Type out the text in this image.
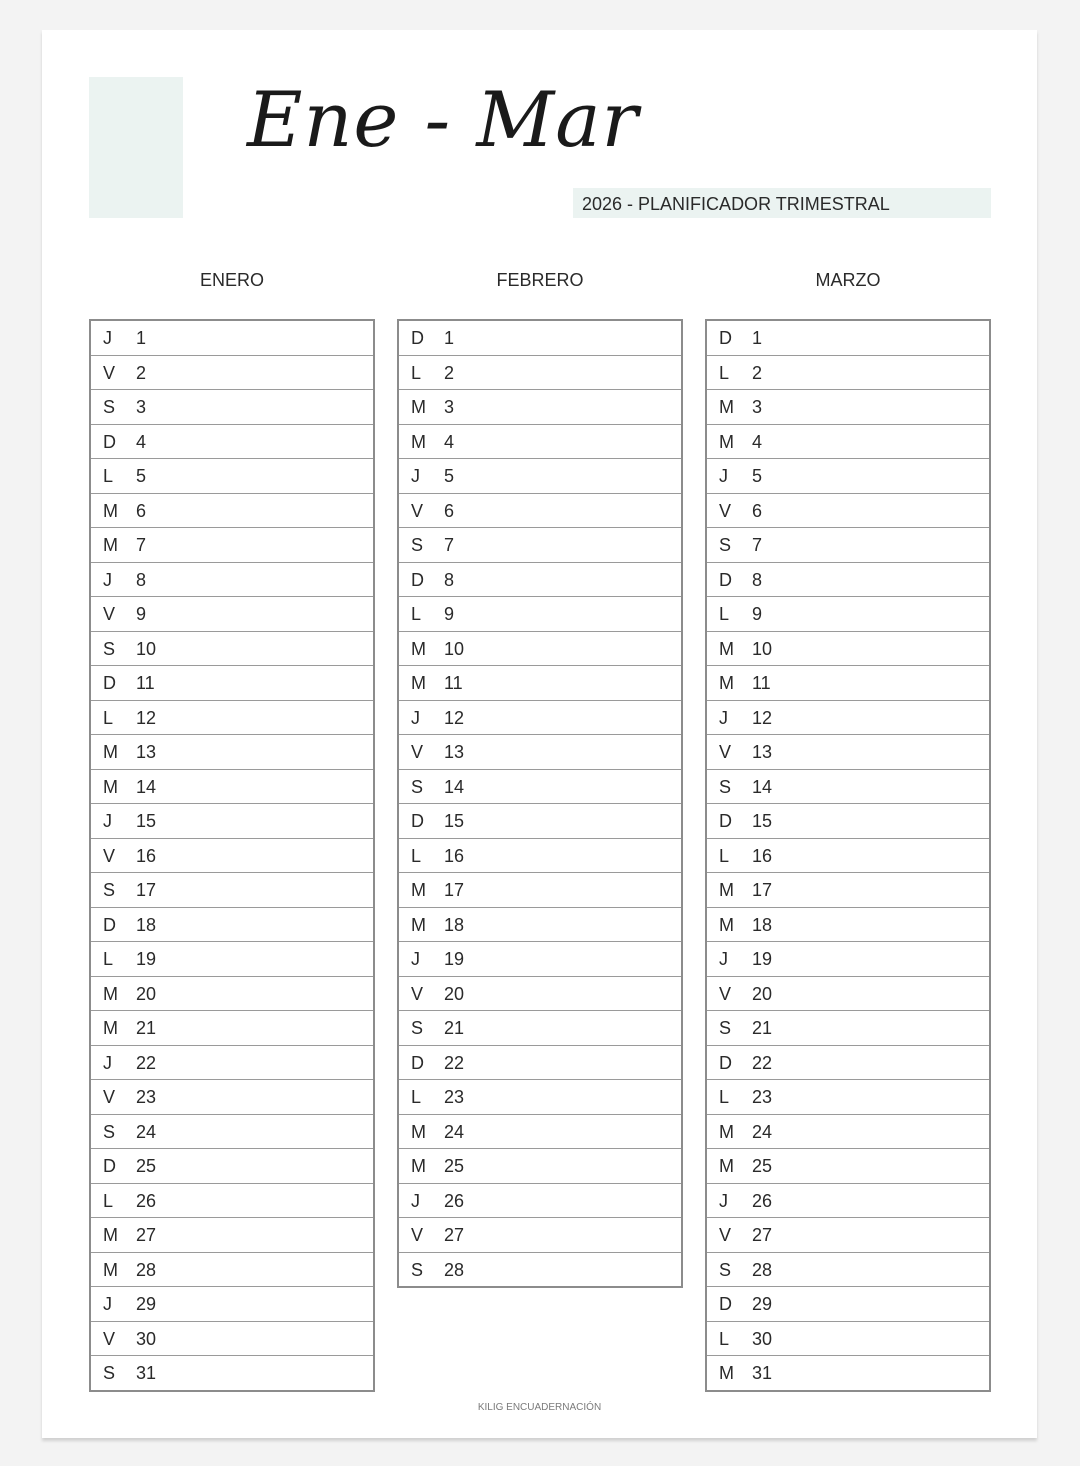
Ene - Mar
2026 - PLANIFICADOR TRIMESTRAL
ENERO
J 1
V 2
S 3
D 4
L 5
M 6
M 7
J 8
V 9
S 10
D 11
L 12
M 13
M 14
J 15
V 16
S 17
D 18
L 19
M 20
M 21
J 22
V 23
S 24
D 25
L 26
M 27
M 28
J 29
V 30
S 31
FEBRERO
D 1
L 2
M 3
M 4
J 5
V 6
S 7
D 8
L 9
M 10
M 11
J 12
V 13
S 14
D 15
L 16
M 17
M 18
J 19
V 20
S 21
D 22
L 23
M 24
M 25
J 26
V 27
S 28
MARZO
D 1
L 2
M 3
M 4
J 5
V 6
S 7
D 8
L 9
M 10
M 11
J 12
V 13
S 14
D 15
L 16
M 17
M 18
J 19
V 20
S 21
D 22
L 23
M 24
M 25
J 26
V 27
S 28
D 29
L 30
M 31
KILIG ENCUADERNACIÓN
